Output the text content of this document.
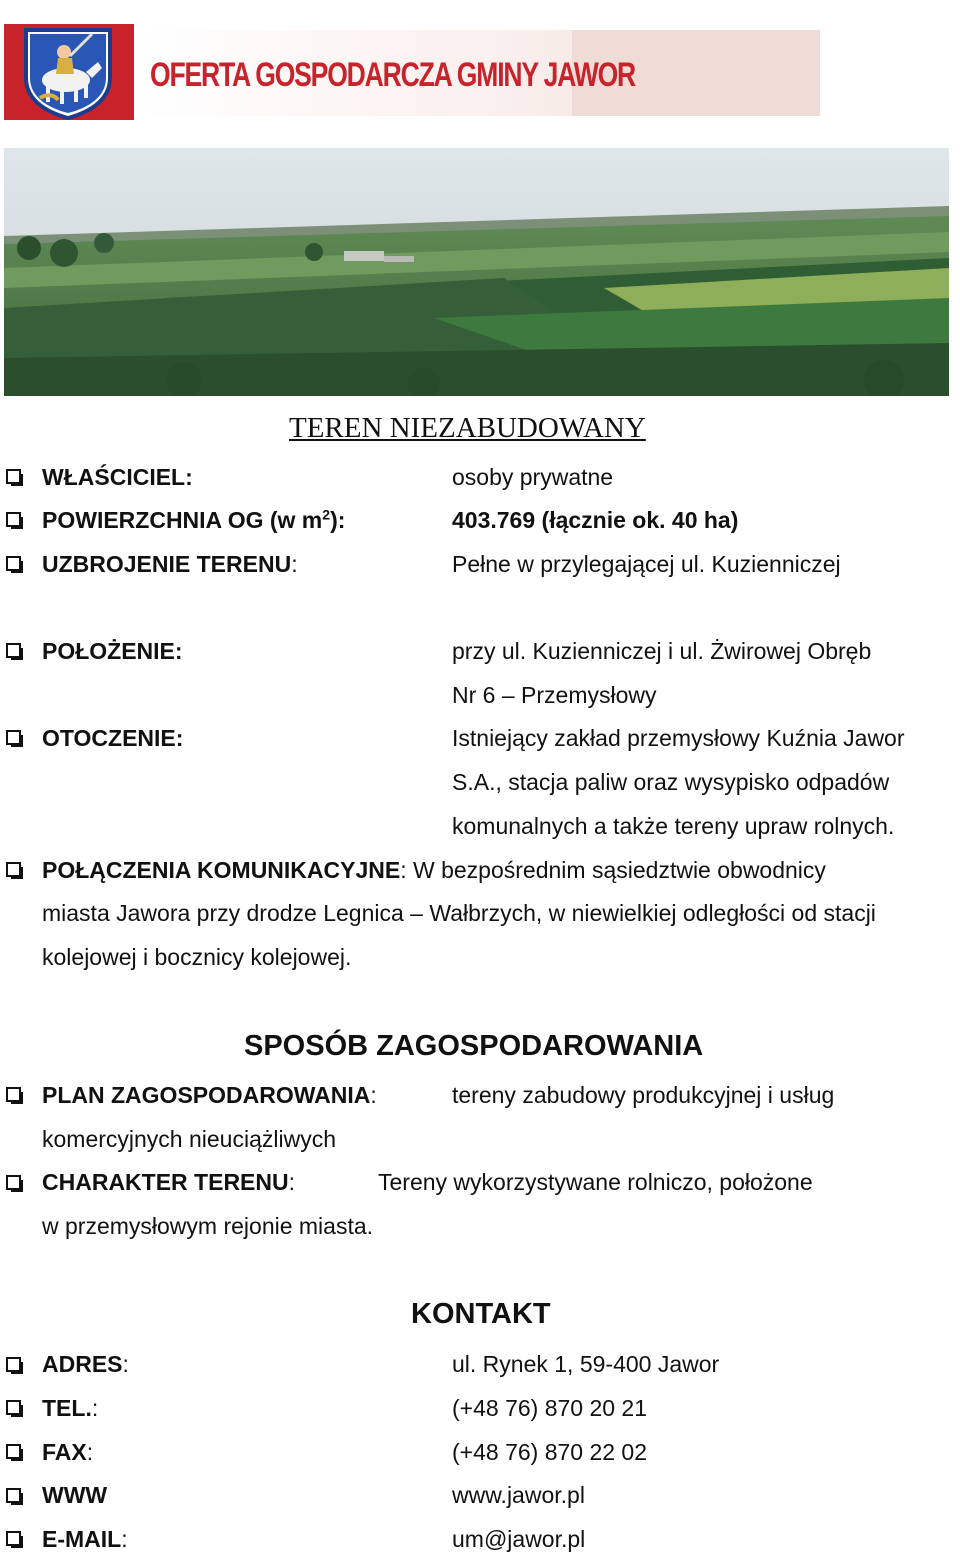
OFERTA GOSPODARCZA GMINY JAWOR
TEREN NIEZABUDOWANY
WŁAŚCICIEL:	osoby prywatne
POWIERZCHNIA OG (w $m^2$):	403.769 (łącznie ok. 40 ha)
UZBROJENIE TERENU:	Pełne w przylegającej ul. Kuzienniczej
POŁOŻENIE:	przy ul. Kuzienniczej i ul. Żwirowej Obręb
Nr 6 – Przemysłowy
OTOCZENIE:	Istniejący zakład przemysłowy Kuźnia Jawor
S.A., stacja paliw oraz wysypisko odpadów
komunalnych a także tereny upraw rolnych.
POŁĄCZENIA KOMUNIKACYJNE: W bezpośrednim sąsiedztwie obwodnicy
miasta Jawora przy drodze Legnica – Wałbrzych, w niewielkiej odległości od stacji
kolejowej i bocznicy kolejowej.
SPOSÓB ZAGOSPODAROWANIA
PLAN ZAGOSPODAROWANIA:	tereny zabudowy produkcyjnej i usług
komercyjnych nieuciążliwych
CHARAKTER TERENU:	Tereny wykorzystywane rolniczo, położone
w przemysłowym rejonie miasta.
KONTAKT
ADRES:	ul. Rynek 1, 59-400 Jawor
TEL.:	(+48 76) 870 20 21
FAX:	(+48 76) 870 22 02
WWW	www.jawor.pl
E-MAIL:	um@jawor.pl
